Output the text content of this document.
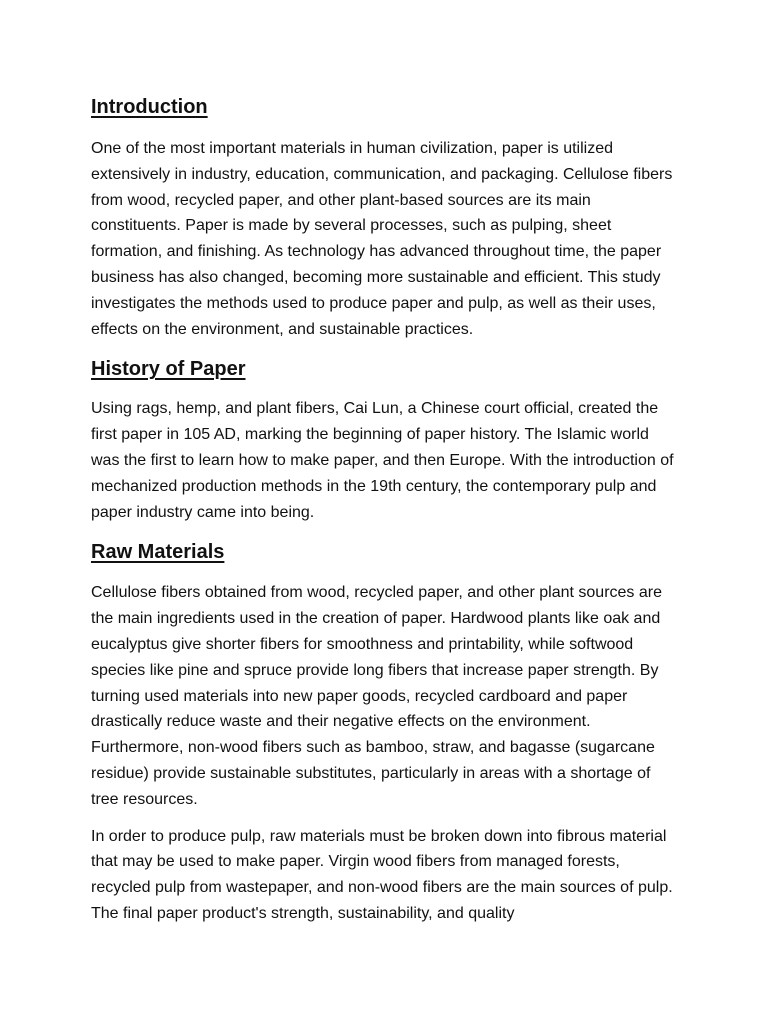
Introduction

One of the most important materials in human civilization, paper is utilized extensively in industry, education, communication, and packaging. Cellulose fibers from wood, recycled paper, and other plant-based sources are its main constituents. Paper is made by several processes, such as pulping, sheet formation, and finishing. As technology has advanced throughout time, the paper business has also changed, becoming more sustainable and efficient. This study investigates the methods used to produce paper and pulp, as well as their uses, effects on the environment, and sustainable practices.

History of Paper

Using rags, hemp, and plant fibers, Cai Lun, a Chinese court official, created the first paper in 105 AD, marking the beginning of paper history. The Islamic world was the first to learn how to make paper, and then Europe. With the introduction of mechanized production methods in the 19th century, the contemporary pulp and paper industry came into being.

Raw Materials

Cellulose fibers obtained from wood, recycled paper, and other plant sources are the main ingredients used in the creation of paper. Hardwood plants like oak and eucalyptus give shorter fibers for smoothness and printability, while softwood species like pine and spruce provide long fibers that increase paper strength. By turning used materials into new paper goods, recycled cardboard and paper drastically reduce waste and their negative effects on the environment. Furthermore, non-wood fibers such as bamboo, straw, and bagasse (sugarcane residue) provide sustainable substitutes, particularly in areas with a shortage of tree resources.

In order to produce pulp, raw materials must be broken down into fibrous material that may be used to make paper. Virgin wood fibers from managed forests, recycled pulp from wastepaper, and non-wood fibers are the main sources of pulp. The final paper product's strength, sustainability, and quality
